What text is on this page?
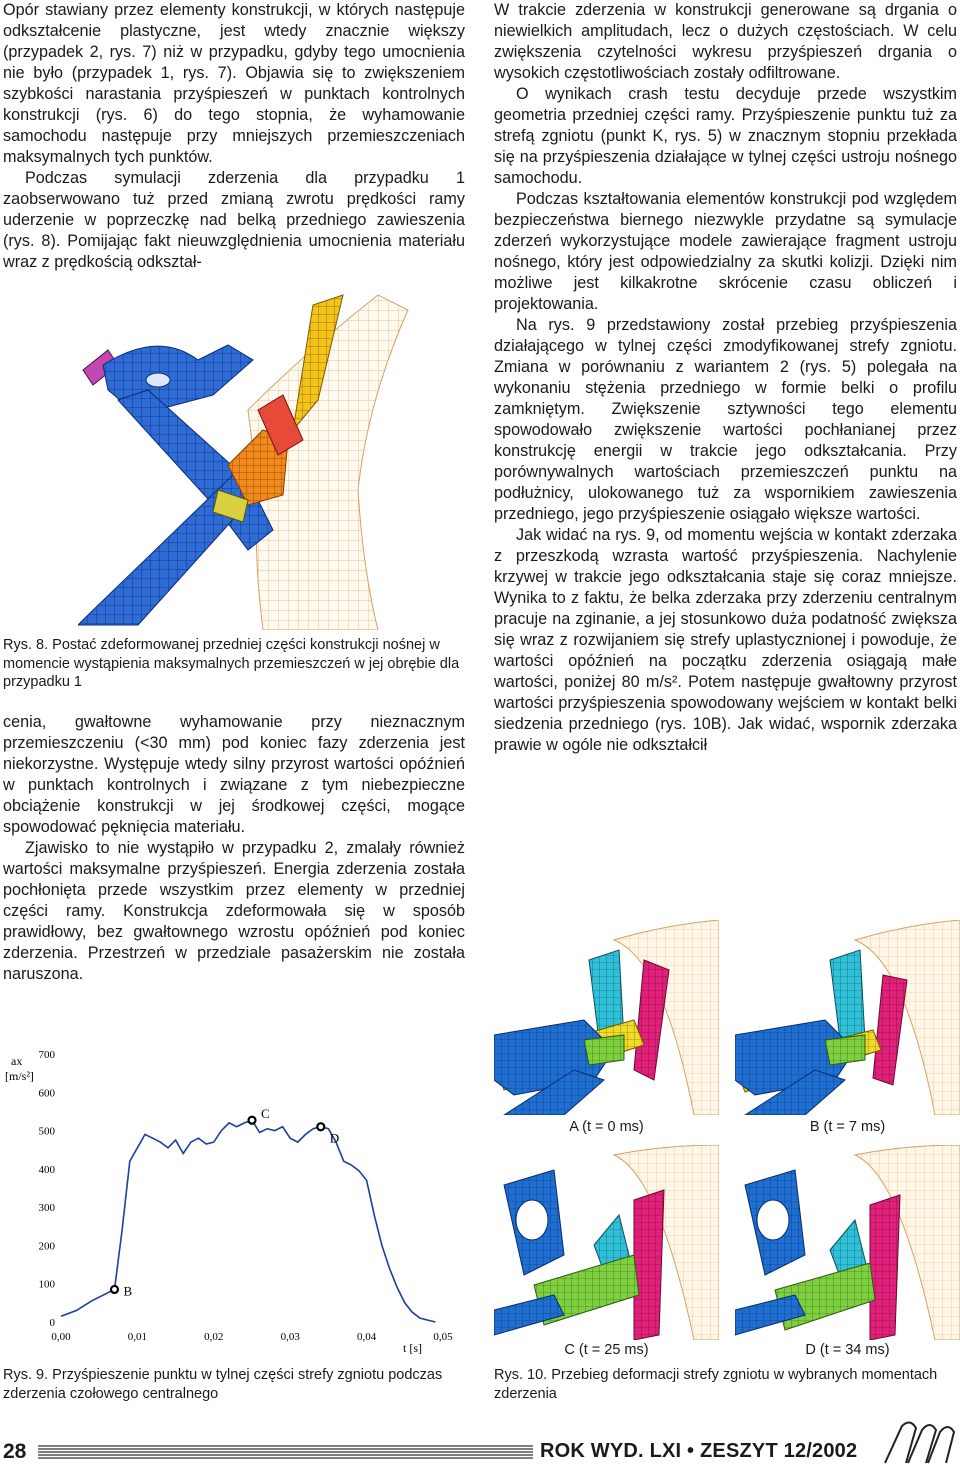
Opór stawiany przez elementy konstrukcji, w których następuje odkształcenie plastyczne, jest wtedy znacznie większy (przypadek 2, rys. 7) niż w przypadku, gdyby tego umocnienia nie było (przypadek 1, rys. 7). Objawia się to zwiększeniem szybkości narastania przyśpieszeń w punktach kontrolnych konstrukcji (rys. 6) do tego stopnia, że wyhamowanie samochodu następuje przy mniejszych przemieszczeniach maksymalnych tych punktów.

Podczas symulacji zderzenia dla przypadku 1 zaobserwowano tuż przed zmianą zwrotu prędkości ramy uderzenie w poprzeczkę nad belką przedniego zawieszenia (rys. 8). Pomijając fakt nieuwzględnienia umocnienia materiału wraz z prędkością odkształ-

Rys. 8. Postać zdeformowanej przedniej części konstrukcji nośnej w momencie wystąpienia maksymalnych przemieszczeń w jej obrębie dla przypadku 1

cenia, gwałtowne wyhamowanie przy nieznacznym przemieszczeniu (<30 mm) pod koniec fazy zderzenia jest niekorzystne. Występuje wtedy silny przyrost wartości opóźnień w punktach kontrolnych i związane z tym niebezpieczne obciążenie konstrukcji w jej środkowej części, mogące spowodować pęknięcia materiału.

Zjawisko to nie wystąpiło w przypadku 2, zmalały również wartości maksymalne przyśpieszeń. Energia zderzenia została pochłonięta przede wszystkim przez elementy w przedniej części ramy. Konstrukcja zdeformowała się w sposób prawidłowy, bez gwałtownego wzrostu opóźnień pod koniec zderzenia. Przestrzeń w przedziale pasażerskim nie została naruszona.

ax
[m/s²]
700
600
500
400
300
200
100
0
0,00	0,01	0,02	0,03	0,04	0,05
t [s]
B
C
D

Rys. 9. Przyśpieszenie punktu w tylnej części strefy zgniotu podczas zderzenia czołowego centralnego

W trakcie zderzenia w konstrukcji generowane są drgania o niewielkich amplitudach, lecz o dużych częstościach. W celu zwiększenia czytelności wykresu przyśpieszeń drgania o wysokich częstotliwościach zostały odfiltrowane.

O wynikach crash testu decyduje przede wszystkim geometria przedniej części ramy. Przyśpieszenie punktu tuż za strefą zgniotu (punkt K, rys. 5) w znacznym stopniu przekłada się na przyśpieszenia działające w tylnej części ustroju nośnego samochodu.

Podczas kształtowania elementów konstrukcji pod względem bezpieczeństwa biernego niezwykle przydatne są symulacje zderzeń wykorzystujące modele zawierające fragment ustroju nośnego, który jest odpowiedzialny za skutki kolizji. Dzięki nim możliwe jest kilkakrotne skrócenie czasu obliczeń i projektowania.

Na rys. 9 przedstawiony został przebieg przyśpieszenia działającego w tylnej części zmodyfikowanej strefy zgniotu. Zmiana w porównaniu z wariantem 2 (rys. 5) polegała na wykonaniu stężenia przedniego w formie belki o profilu zamkniętym. Zwiększenie sztywności tego elementu spowodowało zwiększenie wartości pochłanianej przez konstrukcję energii w trakcie jego odkształcania. Przy porównywalnych wartościach przemieszczeń punktu na podłużnicy, ulokowanego tuż za wspornikiem zawieszenia przedniego, jego przyśpieszenie osiągało większe wartości.

Jak widać na rys. 9, od momentu wejścia w kontakt zderzaka z przeszkodą wzrasta wartość przyśpieszenia. Nachylenie krzywej w trakcie jego odkształcania staje się coraz mniejsze. Wynika to z faktu, że belka zderzaka przy zderzeniu centralnym pracuje na zginanie, a jej stosunkowo duża podatność zwiększa się wraz z rozwijaniem się strefy uplastycznionej i powoduje, że wartości opóźnień na początku zderzenia osiągają małe wartości, poniżej 80 m/s². Potem następuje gwałtowny przyrost wartości przyśpieszenia spowodowany wejściem w kontakt belki siedzenia przedniego (rys. 10B). Jak widać, wspornik zderzaka prawie w ogóle nie odkształcił

A (t = 0 ms)	B (t = 7 ms)
C (t = 25 ms)	D (t = 34 ms)

Rys. 10. Przebieg deformacji strefy zgniotu w wybranych momentach zderzenia

28	ROK WYD. LXI • ZESZYT 12/2002
